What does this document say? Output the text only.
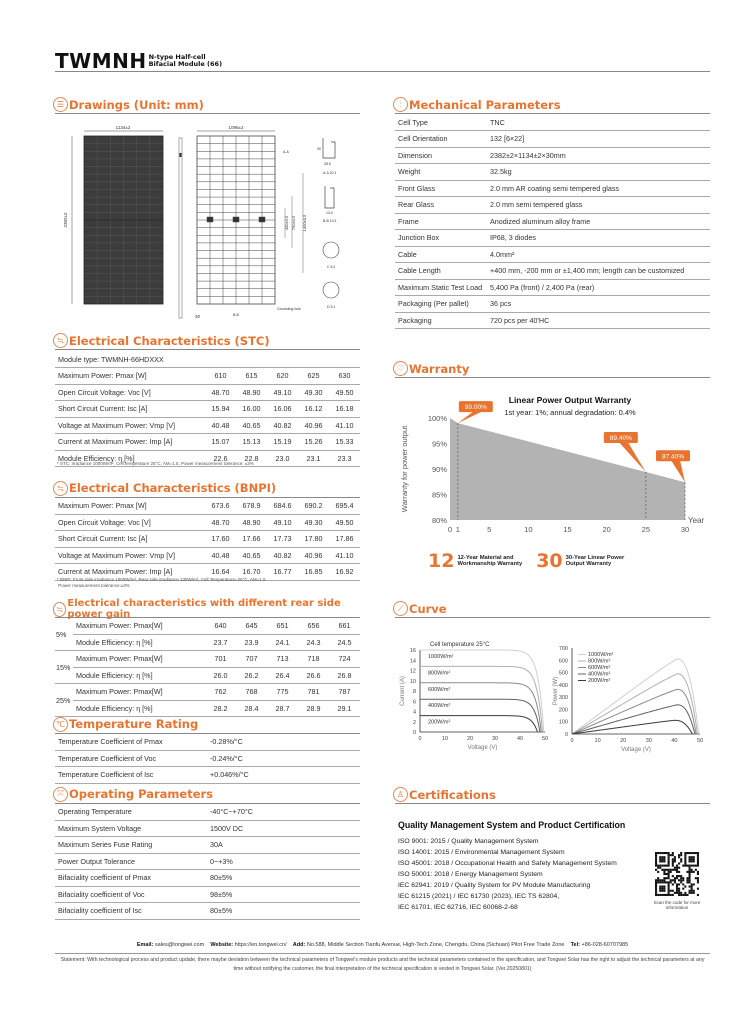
TWMNH N-type Half-cell
Bifacial Module (66)
☰ Drawings (Unit: mm)	⫶ Mechanical Parameters
≒ Electrical Characteristics (STC)
≒ Electrical Characteristics (BNPI)
≒ Electrical characteristics with different rear side power gain
℃ Temperature Rating
⤧ Operating Parameters
♡ Warranty
⟋ Curve
♙ Certifications
1134±2
2382±2
30
1096±2
1400±0.5
790±0.5
400±0.5
A-A
B-B
Grounding hole
30
28.5
A-A 10:1
13.0
B-B 10:1
C 5:1
D 5:1
Cell Type	TNC
Cell Orientation	132 [6×22]
Dimension	2382±2×1134±2×30mm
Weight	32.5kg
Front Glass	2.0 mm AR coating semi tempered glass
Rear Glass	2.0 mm semi tempered glass
Frame	Anodized aluminum alloy frame
Junction Box	IP68, 3 diodes
Cable	4.0mm²
Cable Length	+400 mm, -200 mm or ±1,400 mm; length can be customized
Maximum Static Test Load	5,400 Pa (front) / 2,400 Pa (rear)
Packaging (Per pallet)	36 pcs
Packaging	720 pcs per 40'HC
Module type: TWMNH-66HDXXX					
Maximum Power: Pmax [W]	610	615	620	625	630
Open Circuit Voltage: Voc [V]	48.70	48.90	49.10	49.30	49.50
Short Circuit Current: Isc [A]	15.94	16.00	16.06	16.12	16.18
Voltage at Maximum Power: Vmp [V]	40.48	40.65	40.82	40.96	41.10
Current at Maximum Power: Imp [A]	15.07	15.13	15.19	15.26	15.33
Module Efficiency: η [%]	22.6	22.8	23.0	23.1	23.3
* STC: Irradiance 1000W/m², Cell temperature 25°C, AM=1.5, Power measurement tolerance: ±3%
Maximum Power: Pmax [W]	673.6	678.9	684.6	690.2	695.4
Open Circuit Voltage: Voc [V]	48.70	48.90	49.10	49.30	49.50
Short Circuit Current: Isc [A]	17.60	17.66	17.73	17.80	17.86
Voltage at Maximum Power: Vmp [V]	40.48	40.65	40.82	40.96	41.10
Current at Maximum Power: Imp [A]	16.64	16.70	16.77	16.85	16.92
* BNPI: Front side irradiance 1000W/m², Rear side irradiance 135W/m², Cell Temperature=25°C, AM=1.5
Power measurement tolerance:±3%
5%	Maximum Power: Pmax[W]	640	645	651	656	661
	Module Efficiency: η [%]	23.7	23.9	24.1	24.3	24.5
15%	Maximum Power: Pmax[W]	701	707	713	718	724
	Module Efficiency: η [%]	26.0	26.2	26.4	26.6	26.8
25%	Maximum Power: Pmax[W]	762	768	775	781	787
	Module Efficiency: η [%]	28.2	28.4	28.7	28.9	29.1
Temperature Coefficient of Pmax	-0.28%/°C
Temperature Coefficient of Voc	-0.24%/°C
Temperature Coefficient of Isc	+0.046%/°C
Operating Temperature	-40°C~+70°C
Maximum System Voltage	1500V DC
Maximum Series Fuse Rating	30A
Power Output Tolerance	0~+3%
Bifaciality coefficient of Pmax	80±5%
Bifaciality coefficient of Voc	98±5%
Bifaciality coefficient of Isc	80±5%
Linear Power Output Warranty
1st year: 1%; annual degradation: 0.4%
80%
85%
90%
95%
100%
0 1	5	10	15	20	25	30
Year
Warranty for power output
99.00%
89.40%
87.40%
12 12-Year Material and
Workmanship Warranty 30 30-Year Linear Power
Output Warranty
0
2
4
6
8
10
12
14
16
0	10	20	30	40	50
Voltage (V)
Current (A)
Cell temperature 25°C
1000W/m²
800W/m²
600W/m²
400W/m²
200W/m²
0
100
200
300
400
500
600
700
0	10	20	30	40	50
Voltage (V)
Power (W)
1000W/m²
800W/m²
600W/m²
400W/m²
200W/m²
Quality Management System and Product Certification
ISO 9001: 2015 / Quality Management System
ISO 14001: 2015 / Environmental Management System
ISO 45001: 2018 / Occupational Health and Safety Management System
ISO 50001: 2018 / Energy Management System
IEC 62941: 2019 / Quality System for PV Module Manufacturing
IEC 61215 (2021) / IEC 61730 (2023), IEC TS 62804,
IEC 61701, IEC 62716, IEC 60068-2-68
Scan the code for more information
Email: sales@tongwei.com Website: https://en.tongwei.cn/ Add: No.588, Middle Section Tianfu Avenue, High-Tech Zone, Chengdu, China (Sichuan) Pilot Free Trade Zone Tel: +86-028-60707985
Statement: With technological process and product update, there maybe deviation between the technical parameters of Tongwei's module products and the technical parameters contained in the specification, and Tongwei Solar has the right to adjust the technical parameters at any time without notifying the customer, the final interpretation of the technical specification is vested in Tongwei Solar. (Ver.20250801)
